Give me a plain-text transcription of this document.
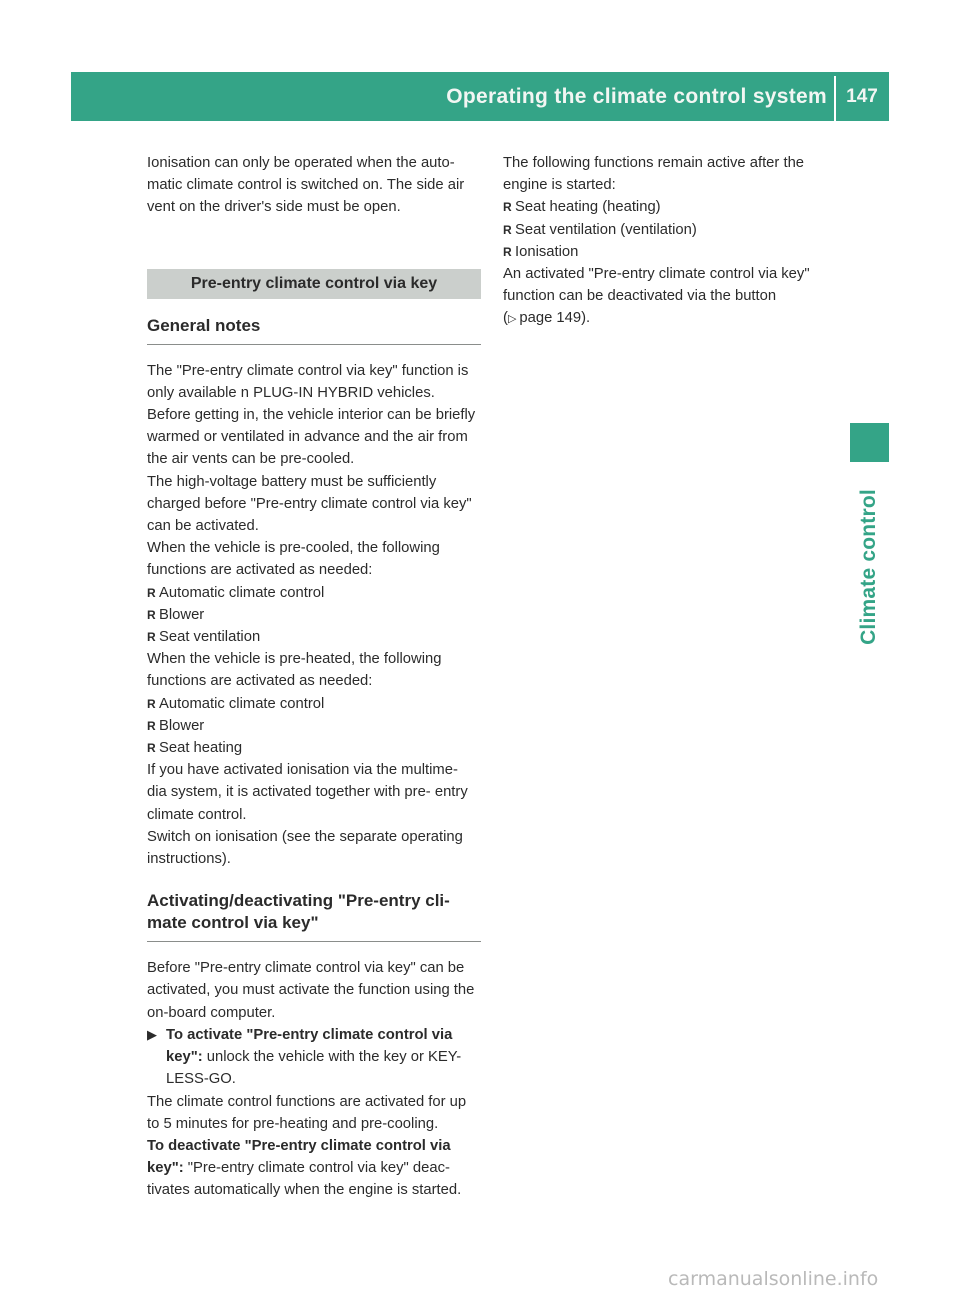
Operating the climate control system	147
Climate control

Ionisation can only be operated when the auto- matic climate control is switched on. The side air vent on the driver's side must be open.

Pre-entry climate control via key
General notes

The "Pre-entry climate control via key" function is only available n PLUG-IN HYBRID vehicles.

Before getting in, the vehicle interior can be briefly warmed or ventilated in advance and the air from the air vents can be pre-cooled.

The high-voltage battery must be sufficiently charged before "Pre-entry climate control via key" can be activated.

When the vehicle is pre-cooled, the following functions are activated as needed:

R Automatic climate control
R Blower
R Seat ventilation

When the vehicle is pre-heated, the following functions are activated as needed:

R Automatic climate control
R Blower
R Seat heating

If you have activated ionisation via the multime- dia system, it is activated together with pre- entry climate control.

Switch on ionisation (see the separate operating instructions).

Activating/deactivating "Pre-entry cli- mate control via key"

Before "Pre-entry climate control via key" can be activated, you must activate the function using the on-board computer.

▶ To activate "Pre-entry climate control via key": unlock the vehicle with the key or KEY- LESS-GO.

The climate control functions are activated for up to 5 minutes for pre-heating and pre-cooling.

To deactivate "Pre-entry climate control via key": "Pre-entry climate control via key" deac- tivates automatically when the engine is started.

The following functions remain active after the engine is started:

R Seat heating (heating)
R Seat ventilation (ventilation)
R Ionisation

An activated "Pre-entry climate control via key" function can be deactivated via the button
(▷  page 149).

carmanualsonline.info
